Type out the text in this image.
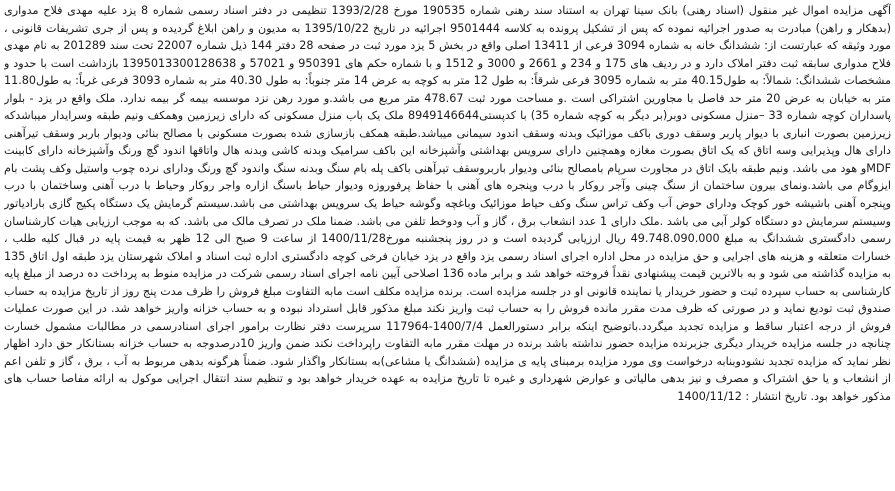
آگهی مزایده اموال غیر منقول (اسناد رهنی) بانک سینا تهران به استناد سند رهنی شماره 190535 مورخ 1393/2/28 تنظیمی در دفتر اسناد رسمی شماره 8 یزد علیه مهدی فلاح مدواری (بدهکار و راهن) مبادرت به صدور اجرائیه نموده که پس از تشکیل پرونده به کلاسه 9501444 اجرائیه در تاریخ 1395/10/22 به مدیون و راهن ابلاغ گردیده و پس از جری تشریفات قانونی ، مورد وثیقه که عبارتست از: ششدانگ خانه به شماره 3094 فرعی از 13411 اصلی واقع در بخش 5 یزد مورد ثبت در صفحه 28 دفتر 144 ذیل شماره 22007 تحت سند 201289 به نام مهدی فلاح مدواری سابقه ثبت دفتر املاک دارد و در ردیف های 175 و 234 و 2661 و 3000 و 1512 و با شماره حکم های 950391 و 57021 و 1395013300128638 بازداشت است با حدود و مشخصات ششدانگ: شمالاً: به طول40.15 متر به شماره 3095 فرعی شرقاً: به طول 12 متر به کوچه به عرض 14 متر جنوباً: به طول 40.30 متر به شماره 3093 فرعی غرباً: به طول11.80 متر به خیابان به عرض 20 متر حد فاصل با مجاورین اشتراکی است .و مساحت مورد ثبت 478.67 متر مربع می باشد.و مورد رهن نزد موسسه بیمه گر بیمه ندارد. ملک واقع در یزد - بلوار پاسداران کوچه شماره 33 –منزل مسکونی دوبر(بر دیگر به کوچه شماره 35) با کدپستی8949146644 ملک یک باب منزل مسکونی که دارای زیرزمین وهمکف ونیم طبقه وسرایدار میباشدکه زیرزمین بصورت انباری با دیوار پاربر وسقف دوری باکف موزائیک وبدنه وسقف اندود سیمانی میباشد.طبقه همکف بازسازی شده بصورت مسکونی با مصالح بنائی ودیوار باربر وسقف تیرآهنی دارای هال وپذیرایی وسه اتاق که یک اتاق بصورت مغازه وهمچنین دارای سرویس بهداشتی وآشپزخانه این باکف سرامیک وبدنه کاشی وبدنه هال واتاقها اندود گچ ورنگ وآشپزخانه دارای کابینت MDFو هود می باشد. ونیم طبقه بایک اتاق در مجاورت سرپام بامصالح بنائی ودیوار باربروسقف تیرآهنی باکف پله بام سنگ وبدنه سنگ واندود گچ ورنگ ودارای نرده چوب واستیل وکف پشت بام ایزوگام می باشد.ونمای بیرون ساختمان از سنگ چینی وآجر روکار با درب وپنجره های آهنی با حفاظ پرفوروزه ودیوار حیاط باسنگ ازاره واجر روکار وحیاط با درب آهنی وساختمان با درب وپنجره آهنی باشیشه خور کوچک ودارای حوض آب وکف تراس سنگ وکف حیاط موزائیک وباغچه وگوشه حیاط یک سرویس بهداشتی می باشد.سیستم گرمایش یک دستگاه پکیج گازی بارادیاتور وسیستم سرمایش دو دستگاه کولر آبی می باشد .ملک دارای 1 عدد انشعاب برق ، گاز و آب ودوخط تلفن می باشد. ضمنا ملک در تصرف مالک می باشد. که به موجب ارزیابی هیات کارشناسان رسمی دادگستری ششدانگ به مبلغ 49.748.090.000 ریال ارزیابی گردیده است و در روز پنجشنبه مورخ1400/11/28 از ساعت 9 صبح الی 12 ظهر به قیمت پایه در قبال کلیه طلب ، خسارات متعلقه و هزینه های اجرایی و حق مزایده در محل اداره اجرای اسناد رسمی یزد واقع در یزد خیابان فرخی کوچه دادگستری اداره ثبت اسناد و املاک شهرستان یزد طبقه اول اتاق 135 به مزایده گذاشته می شود و به بالاترین قیمت پیشنهادی نقداً فروخته خواهد شد و برابر ماده 136 اصلاحی آیین نامه اجرای اسناد رسمی شرکت در مزایده منوط به پرداخت ده درصد از مبلغ پایه کارشناسی به حساب سپرده ثبت و حضور خریدار یا نماینده قانونی او در جلسه مزایده است. برنده مزایده مکلف است مابه التفاوت مبلغ فروش را ظرف مدت پنج روز از تاریخ مزایده به حساب صندوق ثبت تودیع نماید و در صورتی که ظرف مدت مقرر مانده فروش را به حساب ثبت واریز نکند مبلغ مذکور قابل استرداد نبوده و به حساب خزانه واریز خواهد شد. در این صورت عملیات فروش از درجه اعتبار ساقط و مزایده تجدید میگردد.باتوضیح اینکه برابر دستورالعمل 1400/7/4-117964 سرپرست دفتر نظارت برامور اجرای اسنادرسمی در مطالبات مشمول خسارت چنانچه در جلسه مزایده خریدار دیگری جزبرنده مزایده حضور نداشته باشد برنده در مهلت مقرر مابه التفاوت راپرداخت نکند ضمن واریز 10درصدوجه به حساب خزانه بستانکار حق دارد اظهار نظر نماید که مزایده تجدید نشودوبنابه درخواست وی مورد مزایده برمبنای پایه ی مزایده (ششدانگ یا مشاعی)به بستانکار واگذار شود. ضمناً هرگونه بدهی مربوط به آب ، برق ، گاز و تلفن اعم از انشعاب و یا حق اشتراک و مصرف و نیز بدهی مالیاتی و عوارض شهرداری و غیره تا تاریخ مزایده به عهده خریدار خواهد بود و تنظیم سند انتقال اجرایی موکول به ارائه مفاصا حساب های مذکور خواهد بود. تاریخ انتشار : 1400/11/12
